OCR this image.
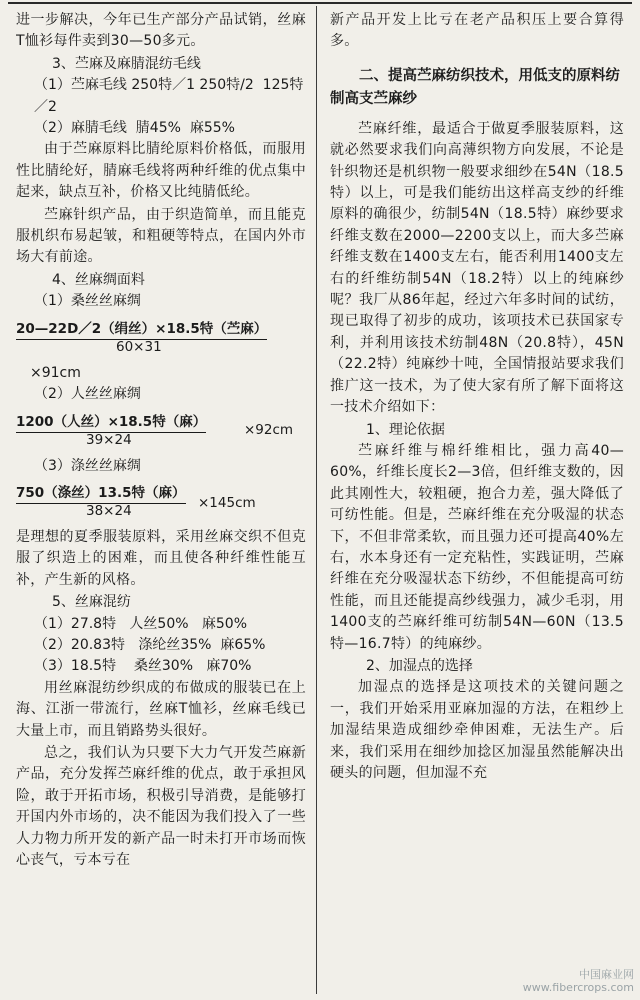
进一步解决，今年已生产部分产品试销，丝麻T恤衫每件卖到30—50多元。

3、苎麻及麻腈混纺毛线

（1）苎麻毛线 250特／1 250特/2  125特／2

（2）麻腈毛线  腈45%  麻55%

由于苎麻原料比腈纶原料价格低，而服用性比腈纶好，腈麻毛线将两种纤维的优点集中起来，缺点互补，价格又比纯腈低纶。

苎麻针织产品，由于织造简单，而且能克服机织布易起皱，和粗硬等特点，在国内外市场大有前途。

4、丝麻绸面料

（1）桑丝丝麻绸

20—22D／2（绢丝）×18.5特（苎麻）
60×31

×91cm

（2）人丝丝麻绸

1200（人丝）×18.5特（麻）
39×24
×92cm

（3）涤丝丝麻绸

750（涤丝）13.5特（麻）
38×24	×145cm

是理想的夏季服装原料，采用丝麻交织不但克服了织造上的困难，而且使各种纤维性能互补，产生新的风格。

5、丝麻混纺

（1）27.8特   人丝50%   麻50%

（2）20.83特   涤纶丝35%  麻65%

（3）18.5特    桑丝30%   麻70%

用丝麻混纺纱织成的布做成的服装已在上海、江浙一带流行，丝麻T恤衫，丝麻毛线已大量上市，而且销路势头很好。

总之，我们认为只要下大力气开发苎麻新产品，充分发挥苎麻纤维的优点，敢于承担风险，敢于开拓市场，积极引导消费，是能够打开国内外市场的，决不能因为我们投入了一些人力物力所开发的新产品一时未打开市场而恢心丧气，亏本亏在

新产品开发上比亏在老产品积压上要合算得多。

二、提高苎麻纺织技术，用低支的原料纺制高支苎麻纱

苎麻纤维，最适合于做夏季服装原料，这就必然要求我们向高薄织物方向发展，不论是针织物还是机织物一般要求细纱在54N（18.5特）以上，可是我们能纺出这样高支纱的纤维原料的确很少，纺制54N（18.5特）麻纱要求纤维支数在2000—2200支以上，而大多苎麻纤维支数在1400支左右，能否利用1400支左右的纤维纺制54N（18.2特）以上的纯麻纱呢？我厂从86年起，经过六年多时间的试纺，现已取得了初步的成功，该项技术已获国家专利，并利用该技术纺制48N（20.8特），45N（22.2特）纯麻纱十吨，全国情报站要求我们推广这一技术，为了使大家有所了解下面将这一技术介绍如下：

1、理论依据

苎麻纤维与棉纤维相比，强力高40—60%，纤维长度长2—3倍，但纤维支数的，因此其刚性大，较粗硬，抱合力差，强大降低了可纺性能。但是，苎麻纤维在充分吸湿的状态下，不但非常柔软，而且强力还可提高40%左右，水本身还有一定充粘性，实践证明，苎麻纤维在充分吸湿状态下纺纱，不但能提高可纺性能，而且还能提高纱线强力，减少毛羽，用1400支的苎麻纤维可纺制54N—60N（13.5特—16.7特）的纯麻纱。

2、加湿点的选择

加湿点的选择是这项技术的关键问题之一，我们开始采用亚麻加湿的方法，在粗纱上加湿结果造成细纱牵伸困难，无法生产。后来，我们采用在细纱加捻区加湿虽然能解决出硬头的问题，但加湿不充

中国麻业网
www.fibercrops.com
